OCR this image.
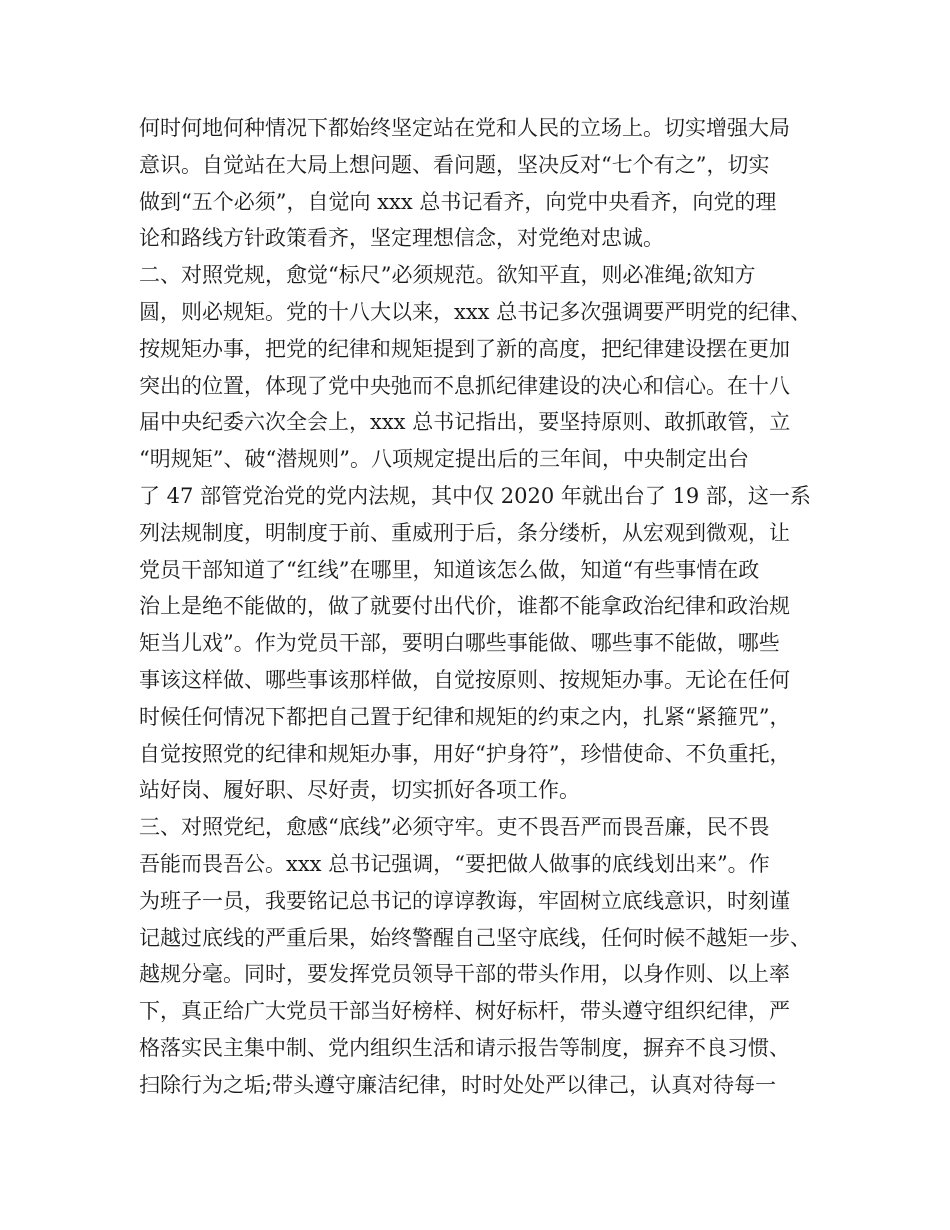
何时何地何种情况下都始终坚定站在党和人民的立场上。切实增强大局
意识。自觉站在大局上想问题、看问题，坚决反对“七个有之”，切实
做到“五个必须”，自觉向 xxx 总书记看齐，向党中央看齐，向党的理
论和路线方针政策看齐，坚定理想信念，对党绝对忠诚。
二、对照党规，愈觉“标尺”必须规范。欲知平直，则必准绳;欲知方
圆，则必规矩。党的十八大以来，xxx 总书记多次强调要严明党的纪律、
按规矩办事，把党的纪律和规矩提到了新的高度，把纪律建设摆在更加
突出的位置，体现了党中央弛而不息抓纪律建设的决心和信心。在十八
届中央纪委六次全会上，xxx 总书记指出，要坚持原则、敢抓敢管，立
“明规矩”、破“潜规则”。八项规定提出后的三年间，中央制定出台
了 47 部管党治党的党内法规，其中仅 2020 年就出台了 19 部，这一系
列法规制度，明制度于前、重威刑于后，条分缕析，从宏观到微观，让
党员干部知道了“红线”在哪里，知道该怎么做，知道“有些事情在政
治上是绝不能做的，做了就要付出代价，谁都不能拿政治纪律和政治规
矩当儿戏”。作为党员干部，要明白哪些事能做、哪些事不能做，哪些
事该这样做、哪些事该那样做，自觉按原则、按规矩办事。无论在任何
时候任何情况下都把自己置于纪律和规矩的约束之内，扎紧“紧箍咒”，
自觉按照党的纪律和规矩办事，用好“护身符”，珍惜使命、不负重托，
站好岗、履好职、尽好责，切实抓好各项工作。
三、对照党纪，愈感“底线”必须守牢。吏不畏吾严而畏吾廉，民不畏
吾能而畏吾公。xxx 总书记强调，“要把做人做事的底线划出来”。作
为班子一员，我要铭记总书记的谆谆教诲，牢固树立底线意识，时刻谨
记越过底线的严重后果，始终警醒自己坚守底线，任何时候不越矩一步、
越规分毫。同时，要发挥党员领导干部的带头作用，以身作则、以上率
下，真正给广大党员干部当好榜样、树好标杆，带头遵守组织纪律，严
格落实民主集中制、党内组织生活和请示报告等制度，摒弃不良习惯、
扫除行为之垢;带头遵守廉洁纪律，时时处处严以律己，认真对待每一
